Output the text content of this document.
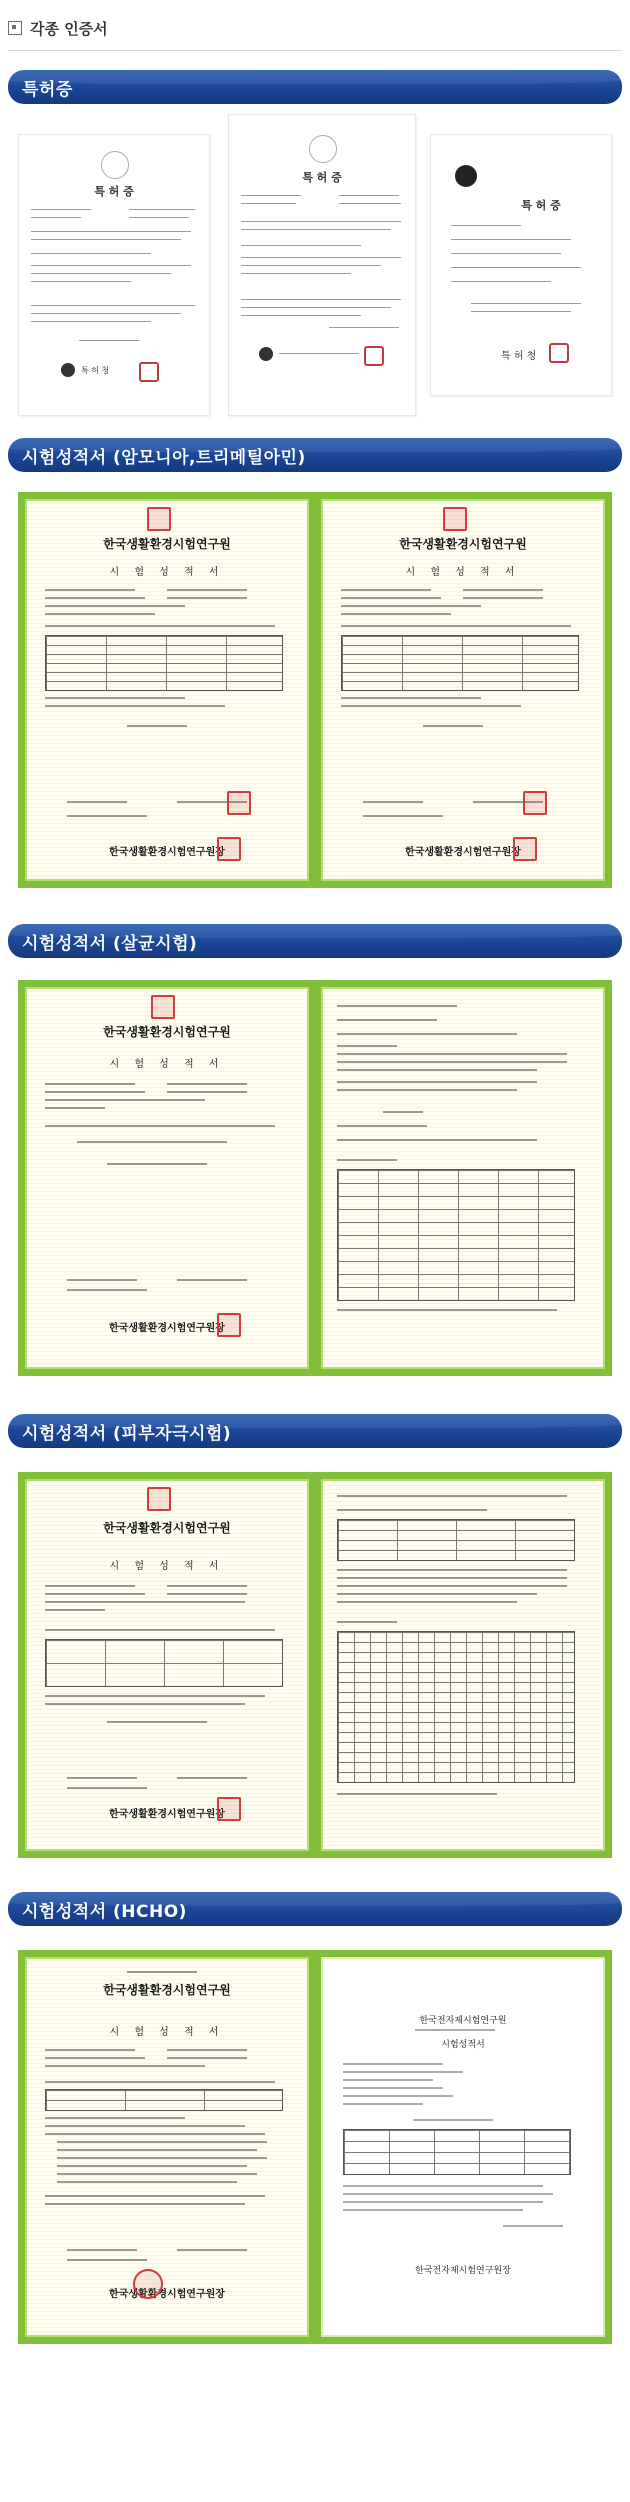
각종 인증서
특허증
특 허 증
특 허 청
특 허 증
특 허 증
특 허 청
시험성적서 (암모니아,트리메틸아민)
한국생활환경시험연구원
시 험 성 적 서
한국생활환경시험연구원장
한국생활환경시험연구원
시 험 성 적 서
한국생활환경시험연구원장
시험성적서 (살균시험)
한국생활환경시험연구원
시 험 성 적 서
한국생활환경시험연구원장
시험성적서 (피부자극시험)
한국생활환경시험연구원
시 험 성 적 서
한국생활환경시험연구원장
시험성적서 (HCHO)
한국생활환경시험연구원
시 험 성 적 서
한국생활환경시험연구원장
한국전자제시험연구원
시험성적서
한국전자제시험연구원장
